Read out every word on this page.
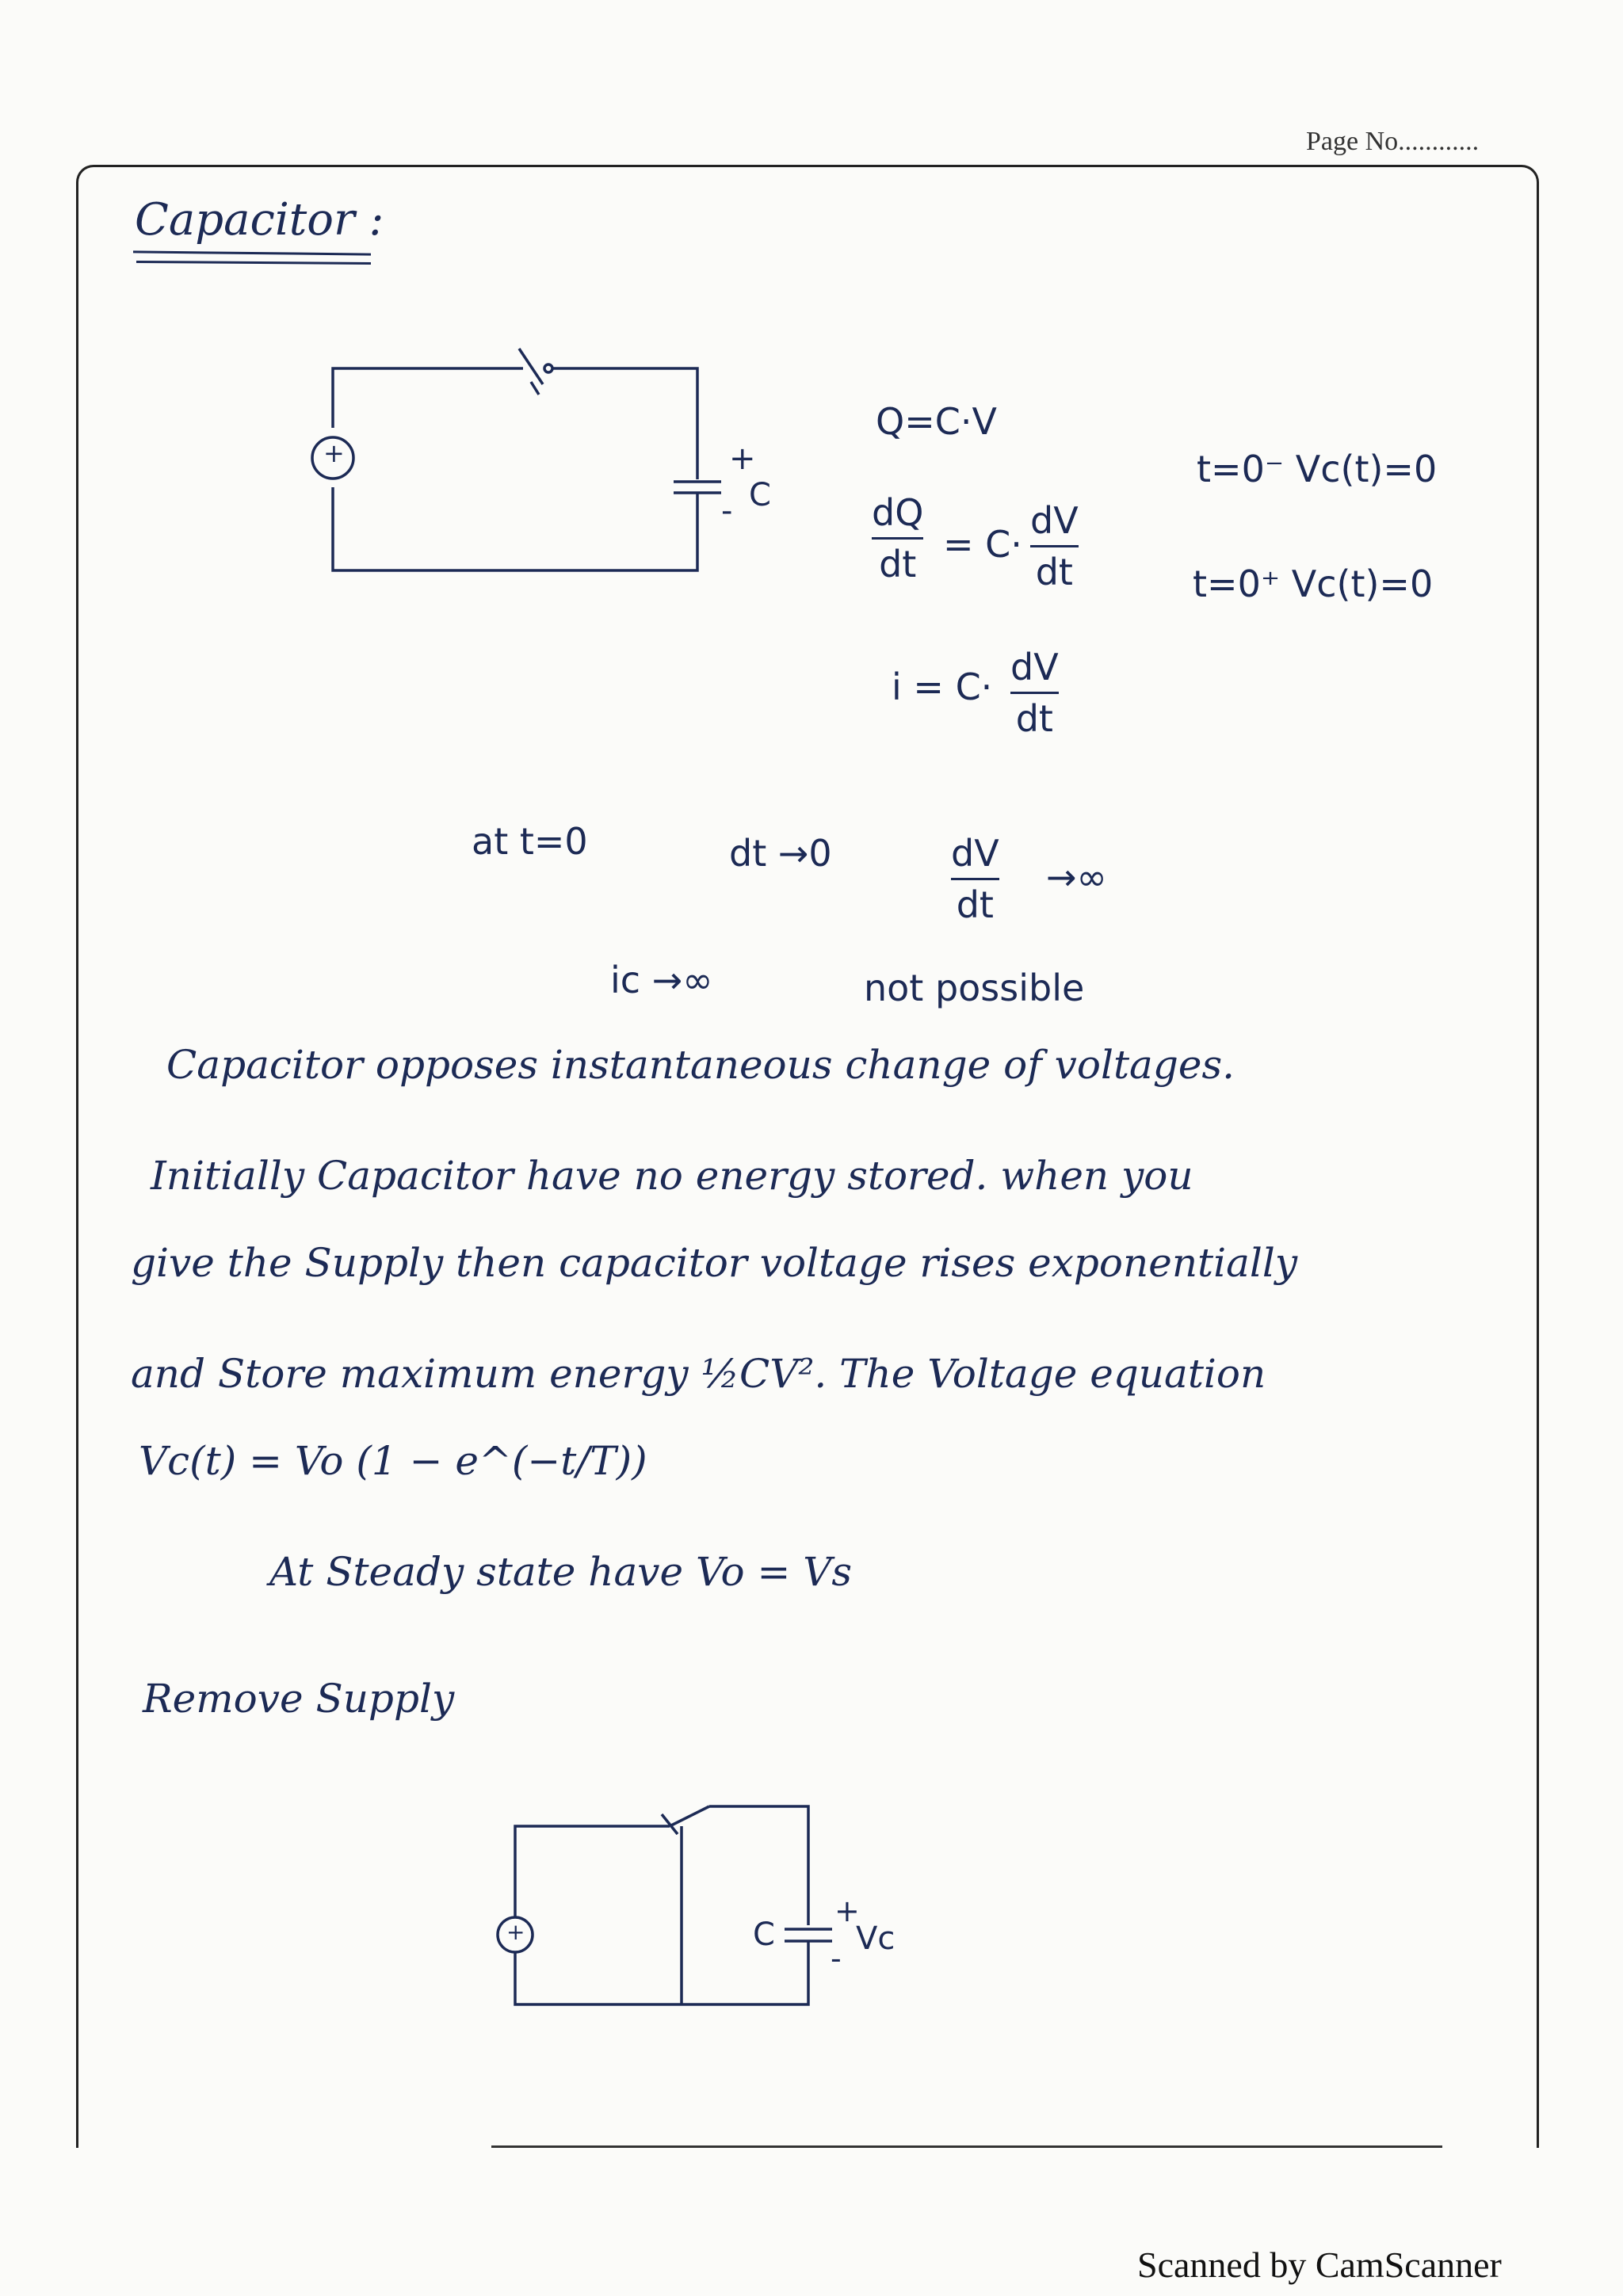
Page No............
Capacitor :
+	+
- C
Q=C·V
dQ
dt = C·
dV
dt
t=0⁻ Vc(t)=0
t=0⁺ Vc(t)=0
i = C· dV
dt
at t=0	dt →0	dV
dt
→∞
ic →∞	not possible
Capacitor opposes instantaneous change of voltages.
Initially Capacitor have no energy stored. when you
give the Supply then capacitor voltage rises exponentially
and Store maximum energy ½CV². The Voltage equation
Vc(t) = Vo (1 − e^(−t/T))
At Steady state have Vo = Vs
Remove Supply
+	C
+
-
Vc
Scanned by CamScanner
